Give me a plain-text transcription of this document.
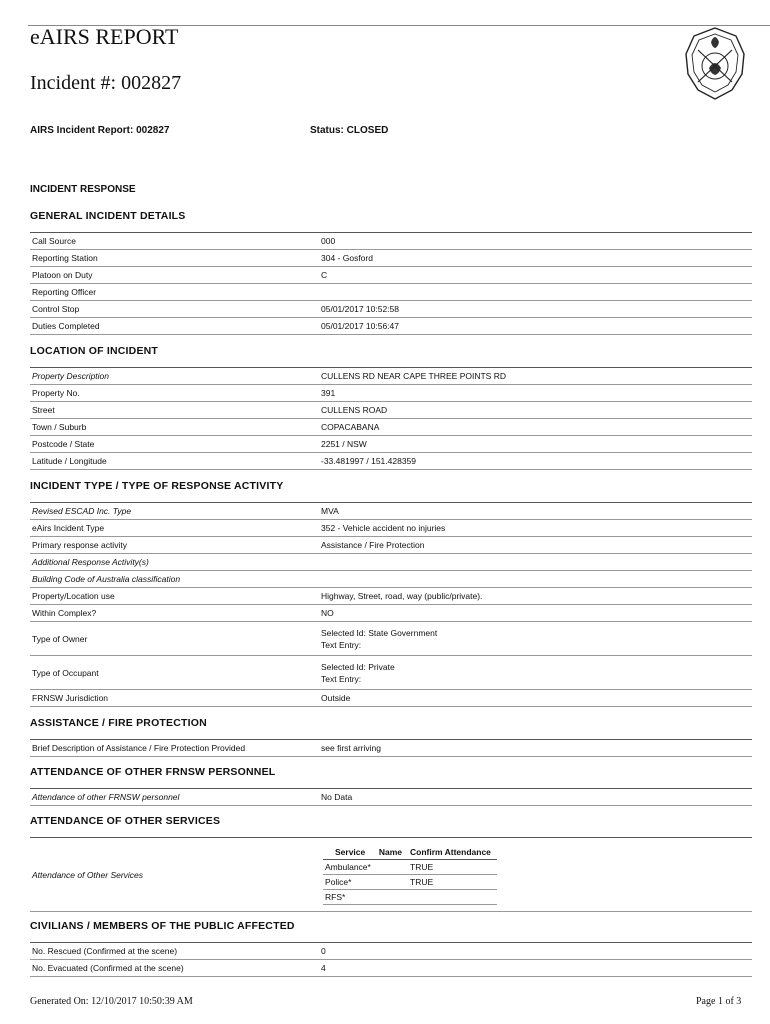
eAIRS REPORT
Incident #: 002827
AIRS Incident Report: 002827	Status: CLOSED
INCIDENT RESPONSE
GENERAL INCIDENT DETAILS
Call Source	000
Reporting Station	304 - Gosford
Platoon on Duty	C
Reporting Officer	
Control Stop	05/01/2017 10:52:58
Duties Completed	05/01/2017 10:56:47
LOCATION OF INCIDENT
Property Description	CULLENS RD NEAR CAPE THREE POINTS RD
Property No.	391
Street	CULLENS ROAD
Town / Suburb	COPACABANA
Postcode / State	2251 / NSW
Latitude / Longitude	-33.481997 / 151.428359
INCIDENT TYPE / TYPE OF RESPONSE ACTIVITY
Revised ESCAD Inc. Type	MVA
eAirs Incident Type	352 - Vehicle accident no injuries
Primary response activity	Assistance / Fire Protection
Additional Response Activity(s)	
Building Code of Australia classification	
Property/Location use	Highway, Street, road, way (public/private).
Within Complex?	NO
Type of Owner	Selected Id: State Government
Text Entry:

Type of Occupant	Selected Id: Private
Text Entry:

FRNSW Jurisdiction	Outside
ASSISTANCE / FIRE PROTECTION
Brief Description of Assistance / Fire Protection Provided	see first arriving
ATTENDANCE OF OTHER FRNSW PERSONNEL
Attendance of other FRNSW personnel	No Data
ATTENDANCE OF OTHER SERVICES
Attendance of Other Services	
Service	Name	Confirm Attendance
Ambulance*		TRUE
Police*		TRUE
RFS*		
CIVILIANS / MEMBERS OF THE PUBLIC AFFECTED
No. Rescued (Confirmed at the scene)	0
No. Evacuated (Confirmed at the scene)	4
Generated On: 12/10/2017 10:50:39 AM	Page 1 of 3
